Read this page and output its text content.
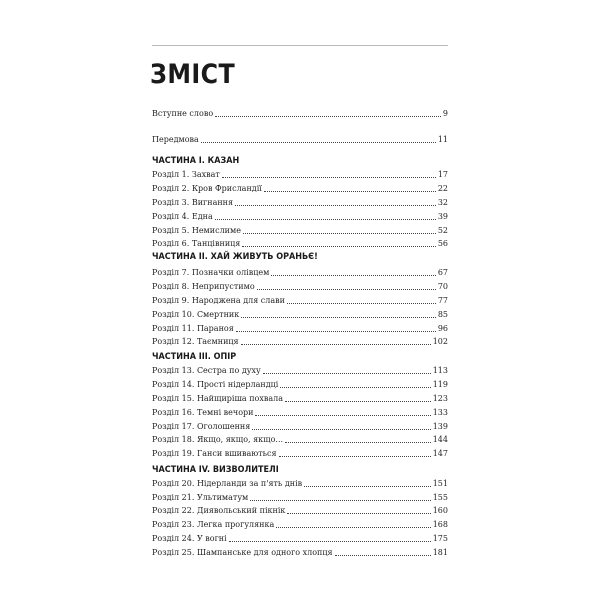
ЗМІСТ
Вступне слово	9
Передмова	11
ЧАСТИНА І. КАЗАН
Розділ 1. Захват	17
Розділ 2. Кров Фрисландії	22
Розділ 3. Вигнання	32
Розділ 4. Една	39
Розділ 5. Немислиме	52
Розділ 6. Танцівниця	56
ЧАСТИНА ІІ. ХАЙ ЖИВУТЬ ОРАНЬЄ!
Розділ 7. Позначки олівцем	67
Розділ 8. Неприпустимо	70
Розділ 9. Народжена для слави	77
Розділ 10. Смертник	85
Розділ 11. Параноя	96
Розділ 12. Таємниця	102
ЧАСТИНА ІІІ. ОПІР
Розділ 13. Сестра по духу	113
Розділ 14. Прості нідерландці	119
Розділ 15. Найщиріша похвала	123
Розділ 16. Темні вечори	133
Розділ 17. Оголошення	139
Розділ 18. Якщо, якщо, якщо...	144
Розділ 19. Ганси вшиваються	147
ЧАСТИНА IV. ВИЗВОЛИТЕЛІ
Розділ 20. Нідерланди за п'ять днів	151
Розділ 21. Ультиматум	155
Розділ 22. Диявольський пікнік	160
Розділ 23. Легка прогулянка	168
Розділ 24. У вогні	175
Розділ 25. Шампанське для одного хлопця	181
